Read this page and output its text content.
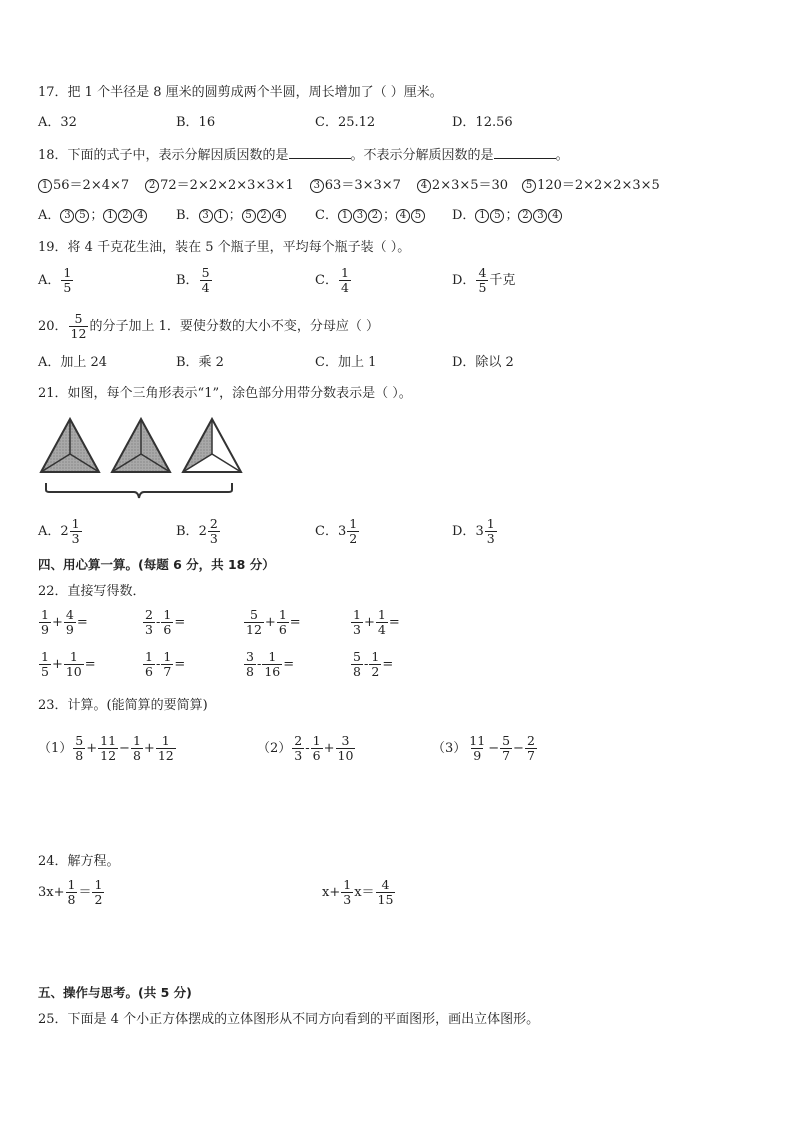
17．把 1 个半径是 8 厘米的圆剪成两个半圆，周长增加了（ ）厘米。
A．32	B．16	C．25.12	D．12.56
18．下面的式子中，表示分解因质因数的是	。不表示分解质因数的是	。
1 56＝2×4×7 2 72＝2×2×2×3×3×1 3 63＝3×3×7 4 2×3×5＝30 5 120＝2×2×2×3×5
A． 3 5 ； 1 2 4	B． 3 1 ； 5 2 4	C． 1 3 2 ； 4 5	D． 1 5 ； 2 3 4
19．将 4 千克花生油，装在 5 个瓶子里，平均每个瓶子装（ ）。
A． $\frac{1}{5}$	B． $\frac{5}{4}$	C． $\frac{1}{4}$	D． $\frac{4}{5}$ 千克
20． $\frac{5}{12}$ 的分子加上 1．要使分数的大小不变，分母应（ ）
A．加上 24	B．乘 2	C．加上 1	D．除以 2
21．如图，每个三角形表示“1”，涂色部分用带分数表示是（ ）。
A．$2 \frac{1}{3}$	B．$2 \frac{2}{3}$	C．$3 \frac{1}{2}$	D．$3 \frac{1}{3}$
四、用心算一算。(每题 6 分，共 18 分）
22．直接写得数．
$\frac{1}{9} + \frac{4}{9}$ =	$\frac{2}{3} - \frac{1}{6}$ =	$\frac{5}{12} + \frac{1}{6}$ =	$\frac{1}{3} + \frac{1}{4}$ =
$\frac{1}{5} + \frac{1}{10}$ =	$\frac{1}{6} - \frac{1}{7}$ =	$\frac{3}{8} - \frac{1}{16}$ =	$\frac{5}{8} - \frac{1}{2}$ =
23．计算。(能简算的要简算)
$(1) \frac{5}{8} + \frac{11}{12} - \frac{1}{8} + \frac{1}{12}$	$(2) \frac{2}{3} - \frac{1}{6} + \frac{3}{10}$	$(3) \frac{11}{9} - \frac{5}{7} - \frac{2}{7}$
24．解方程。
$3x+ \frac{1}{8} = \frac{1}{2}$	$x+ \frac{1}{3} x= \frac{4}{15}$
五、操作与思考。(共 5 分)
25．下面是 4 个小正方体摆成的立体图形从不同方向看到的平面图形，画出立体图形。
